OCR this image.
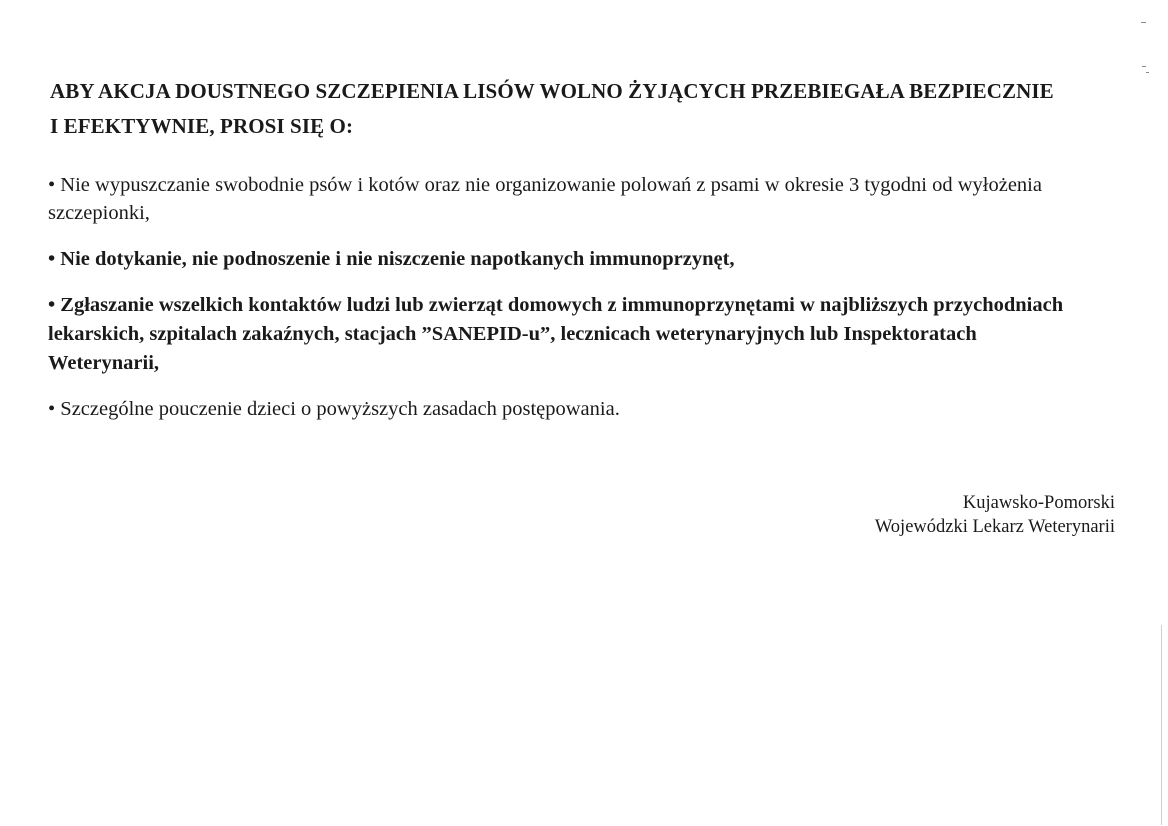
ABY AKCJA DOUSTNEGO SZCZEPIENIA LISÓW WOLNO ŻYJĄCYCH PRZEBIEGAŁA BEZPIECZNIE
I EFEKTYWNIE, PROSI SIĘ O:
• Nie wypuszczanie swobodnie psów i kotów oraz nie organizowanie polowań z psami w okresie 3 tygodni od wyłożenia szczepionki,
• Nie dotykanie, nie podnoszenie i nie niszczenie napotkanych immunoprzynęt,
• Zgłaszanie wszelkich kontaktów ludzi lub zwierząt domowych z immunoprzynętami w najbliższych przychodniach lekarskich, szpitalach zakaźnych, stacjach ”SANEPID-u”, lecznicach weterynaryjnych lub Inspektoratach Weterynarii,
• Szczególne pouczenie dzieci o powyższych zasadach postępowania.
Kujawsko-Pomorski
Wojewódzki Lekarz Weterynarii
